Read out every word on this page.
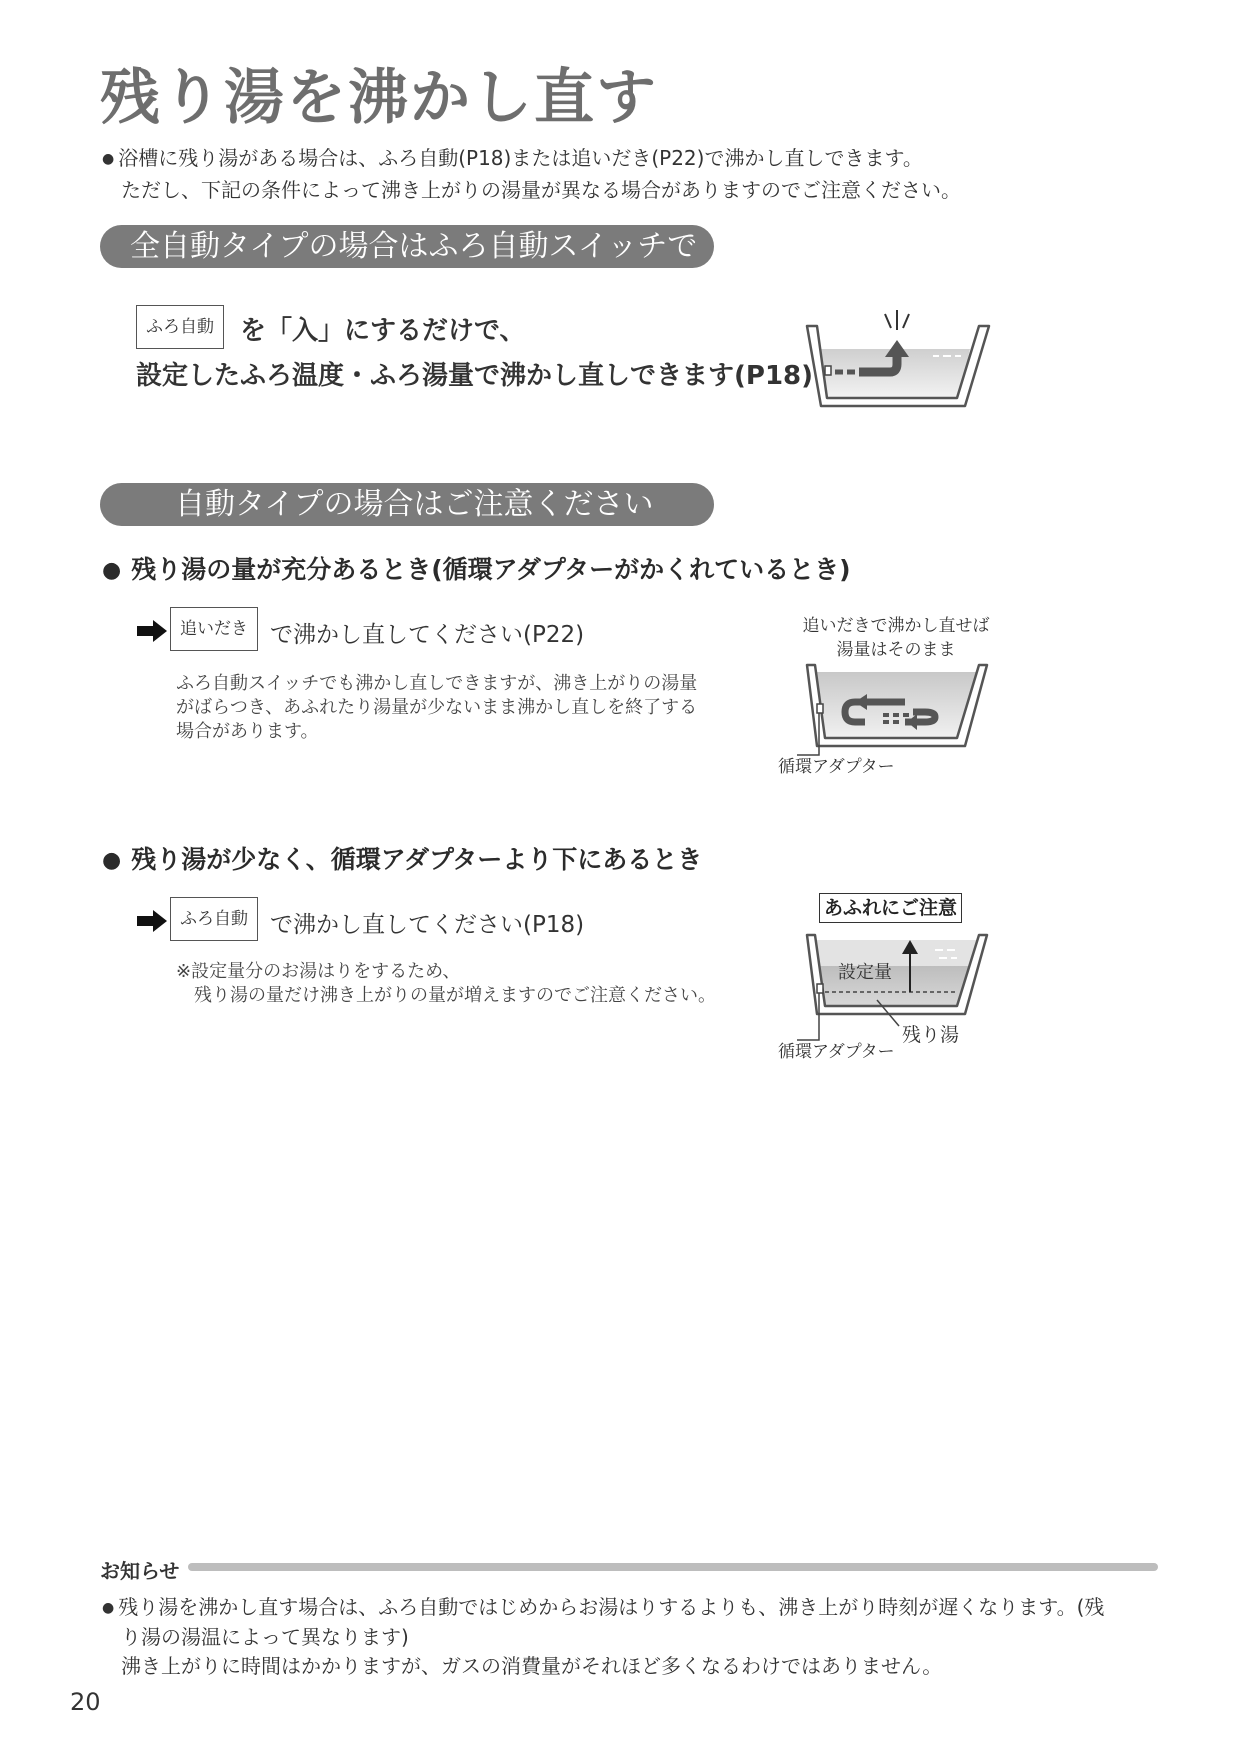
残り湯を沸かし直す
● 浴槽に残り湯がある場合は、ふろ自動(P18)または追いだき(P22)で沸かし直しできます。
ただし、下記の条件によって沸き上がりの湯量が異なる場合がありますのでご注意ください。
全自動タイプの場合はふろ自動スイッチで
ふろ自動	を「入」にするだけで、
設定したふろ温度・ふろ湯量で沸かし直しできます(P18)
自動タイプの場合はご注意ください
● 残り湯の量が充分あるとき(循環アダプターがかくれているとき)
追いだき で沸かし直してください(P22)
ふろ自動スイッチでも沸かし直しできますが、沸き上がりの湯量
がばらつき、あふれたり湯量が少ないまま沸かし直しを終了する
場合があります。
追いだきで沸かし直せば
湯量はそのまま
循環アダプター
● 残り湯が少なく、循環アダプターより下にあるとき
ふろ自動 で沸かし直してください(P18)
※設定量分のお湯はりをするため、
残り湯の量だけ沸き上がりの量が増えますのでご注意ください。
あふれにご注意
設定量
残り湯
循環アダプター
お知らせ
● 残り湯を沸かし直す場合は、ふろ自動ではじめからお湯はりするよりも、沸き上がり時刻が遅くなります。(残
り湯の湯温によって異なります)
沸き上がりに時間はかかりますが、ガスの消費量がそれほど多くなるわけではありません。
20
